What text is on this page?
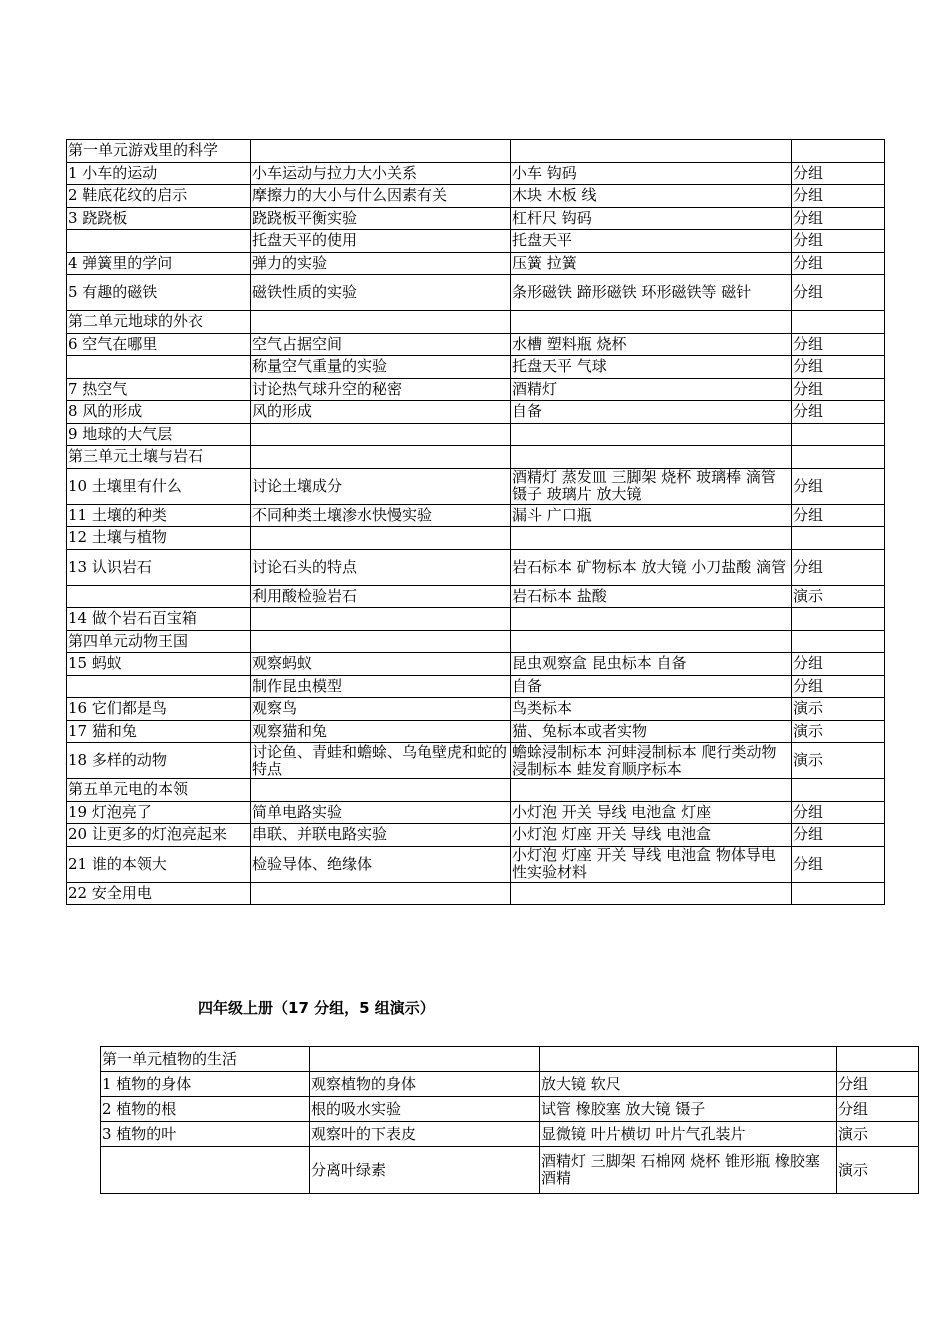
第一单元游戏里的科学			
1 小车的运动	小车运动与拉力大小关系	小车 钩码	分组
2 鞋底花纹的启示	摩擦力的大小与什么因素有关	木块 木板 线	分组
3 跷跷板	跷跷板平衡实验	杠杆尺 钩码	分组
	托盘天平的使用	托盘天平	分组
4 弹簧里的学问	弹力的实验	压簧 拉簧	分组
5 有趣的磁铁	磁铁性质的实验	条形磁铁 蹄形磁铁 环形磁铁等 磁针	分组
第二单元地球的外衣			
6 空气在哪里	空气占据空间	水槽 塑料瓶 烧杯	分组
	称量空气重量的实验	托盘天平 气球	分组
7 热空气	讨论热气球升空的秘密	酒精灯	分组
8 风的形成	风的形成	自备	分组
9 地球的大气层			
第三单元土壤与岩石			
10 土壤里有什么	讨论土壤成分	酒精灯 蒸发皿 三脚架 烧杯 玻璃棒 滴管 镊子 玻璃片 放大镜	分组
11 土壤的种类	不同种类土壤渗水快慢实验	漏斗 广口瓶	分组
12 土壤与植物			
13 认识岩石	讨论石头的特点	岩石标本 矿物标本 放大镜 小刀盐酸 滴管	分组
	利用酸检验岩石	岩石标本 盐酸	演示
14 做个岩石百宝箱			
第四单元动物王国			
15 蚂蚁	观察蚂蚁	昆虫观察盒 昆虫标本 自备	分组
	制作昆虫模型	自备	分组
16 它们都是鸟	观察鸟	鸟类标本	演示
17 猫和兔	观察猫和兔	猫、兔标本或者实物	演示
18 多样的动物	讨论鱼、青蛙和蟾蜍、乌龟壁虎和蛇的特点	蟾蜍浸制标本 河蚌浸制标本 爬行类动物浸制标本 蛙发育顺序标本	演示
第五单元电的本领			
19 灯泡亮了	简单电路实验	小灯泡 开关 导线 电池盒 灯座	分组
20 让更多的灯泡亮起来	串联、并联电路实验	小灯泡 灯座 开关 导线 电池盒	分组
21 谁的本领大	检验导体、绝缘体	小灯泡 灯座 开关 导线 电池盒 物体导电性实验材料	分组
22 安全用电			
四年级上册（17 分组，5 组演示）
第一单元植物的生活			
1 植物的身体	观察植物的身体	放大镜 软尺	分组
2 植物的根	根的吸水实验	试管 橡胶塞 放大镜 镊子	分组
3 植物的叶	观察叶的下表皮	显微镜 叶片横切 叶片气孔装片	演示
	分离叶绿素	酒精灯 三脚架 石棉网 烧杯 锥形瓶 橡胶塞 酒精	演示
